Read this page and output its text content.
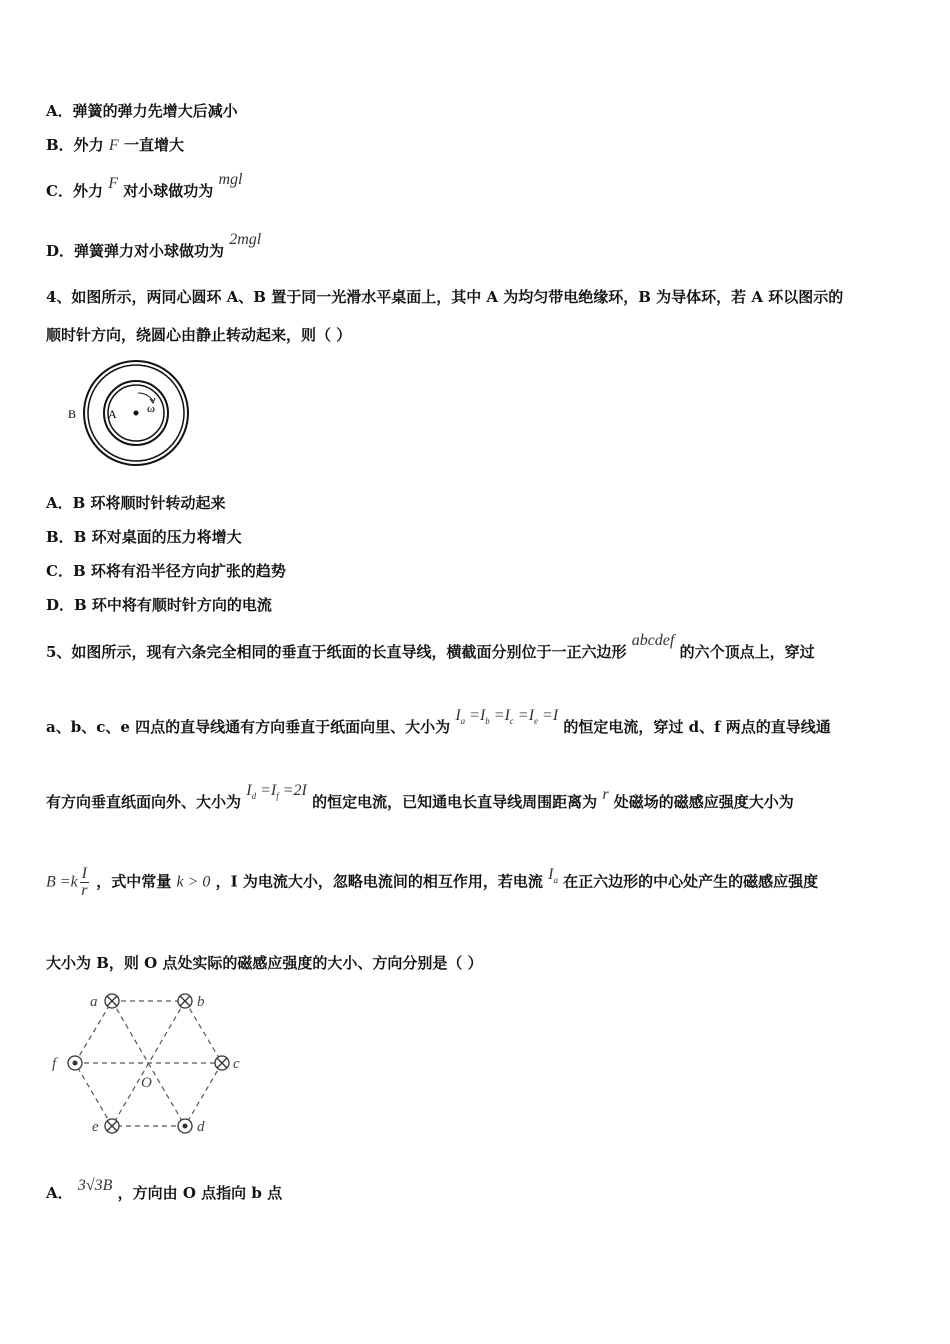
A．弹簧的弹力先增大后减小
B．外力 F 一直增大
C．外力 F 对小球做功为 mgl
D．弹簧弹力对小球做功为 2mgl
4、如图所示，两同心圆环 A、B 置于同一光滑水平桌面上，其中 A 为均匀带电绝缘环，B 为导体环，若 A 环以图示的
顺时针方向，绕圆心由静止转动起来，则（ ）
B	A	ω
A．B 环将顺时针转动起来
B．B 环对桌面的压力将增大
C．B 环将有沿半径方向扩张的趋势
D．B 环中将有顺时针方向的电流
5、如图所示，现有六条完全相同的垂直于纸面的长直导线，横截面分别位于一正六边形 abcdef 的六个顶点上，穿过
a、b、c、e 四点的直导线通有方向垂直于纸面向里、大小为 $I_a =I_b =I_c =I_e =I$ 的恒定电流，穿过 d、f 两点的直导线通
有方向垂直纸面向外、大小为 $I_d =I_f =2I$ 的恒定电流，已知通电长直导线周围距离为 r 处磁场的磁感应强度大小为
$B =k \frac{I}{r}$ ，式中常量 k > 0 ，I 为电流大小，忽略电流间的相互作用，若电流 $I_a$ 在正六边形的中心处产生的磁感应强度
大小为 B，则 O 点处实际的磁感应强度的大小、方向分别是（ ）
a	b
c
d
e
f
O
A． 3√3B ，方向由 O 点指向 b 点
